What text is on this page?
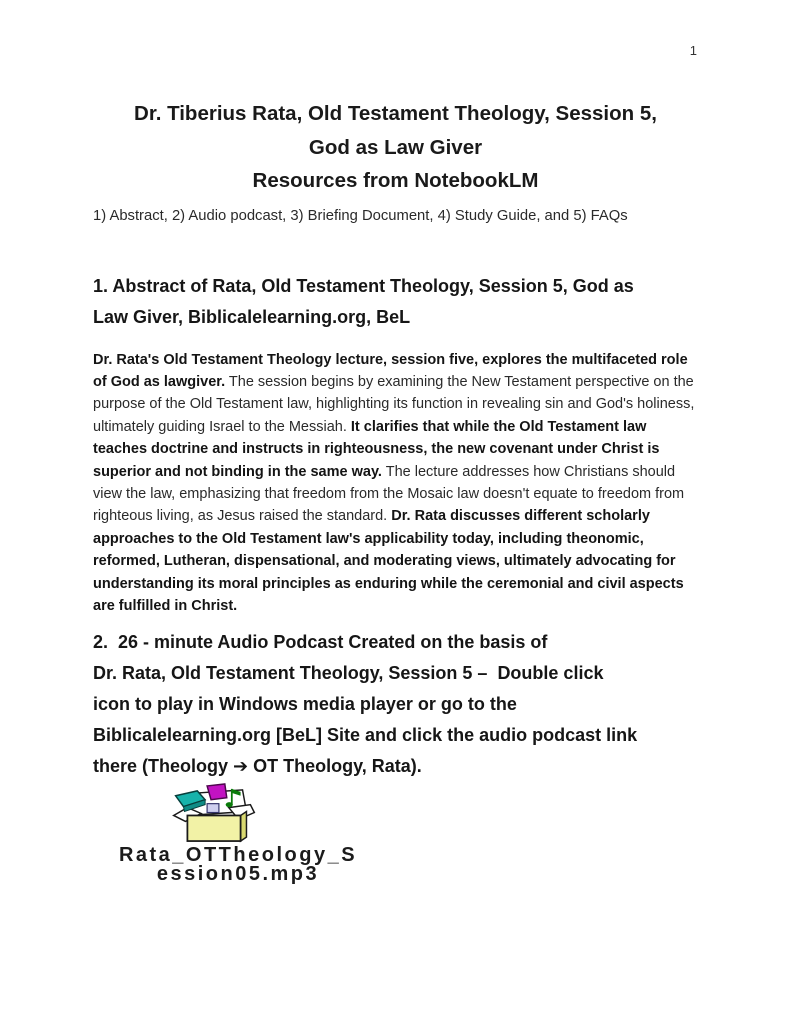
1
Dr. Tiberius Rata, Old Testament Theology, Session 5,
God as Law Giver
Resources from NotebookLM
1) Abstract, 2) Audio podcast, 3) Briefing Document, 4) Study Guide, and 5) FAQs
1. Abstract of Rata, Old Testament Theology, Session 5, God as
Law Giver, Biblicalelearning.org, BeL

Dr. Rata's Old Testament Theology lecture, session five, explores the multifaceted role of God as lawgiver. The session begins by examining the New Testament perspective on the purpose of the Old Testament law, highlighting its function in revealing sin and God's holiness, ultimately guiding Israel to the Messiah. It clarifies that while the Old Testament law teaches doctrine and instructs in righteousness, the new covenant under Christ is superior and not binding in the same way. The lecture addresses how Christians should view the law, emphasizing that freedom from the Mosaic law doesn't equate to freedom from righteous living, as Jesus raised the standard. Dr. Rata discusses different scholarly approaches to the Old Testament law's applicability today, including theonomic, reformed, Lutheran, dispensational, and moderating views, ultimately advocating for understanding its moral principles as enduring while the ceremonial and civil aspects are fulfilled in Christ.

2.  26 - minute Audio Podcast Created on the basis of
Dr. Rata, Old Testament Theology, Session 5 –  Double click
icon to play in Windows media player or go to the
Biblicalelearning.org [BeL] Site and click the audio podcast link
there (Theology ➔ OT Theology, Rata).
Rata_OTTheology_S
ession05.mp3
